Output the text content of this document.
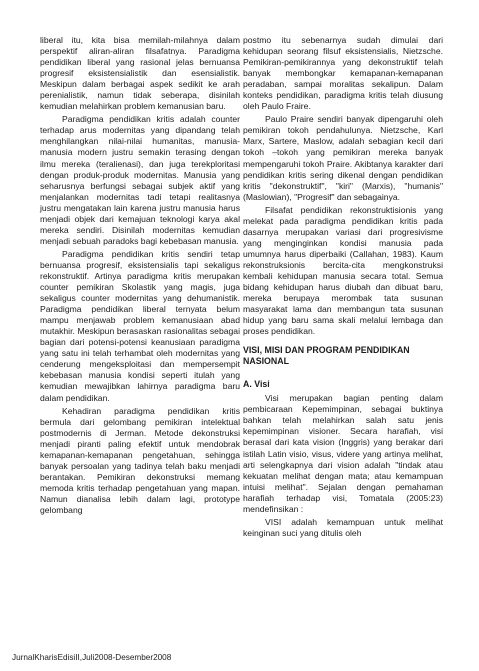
liberal itu, kita bisa memilah-milahnya dalam perspektif aliran-aliran filsafatnya. Paradigma pendidikan liberal yang rasional jelas bernuansa progresif eksistensialistik dan esensialistik. Meskipun dalam berbagai aspek sedikit ke arah perenialistik, namun tidak seberapa, disinilah kemudian melahirkan problem kemanusian baru.

Paradigma pendidikan kritis adalah counter terhadap arus modernitas yang dipandang telah menghilangkan nilai-nilai humanitas, manusia-manusia modern justru semakin terasing dengan ilmu mereka (teralienasi), dan juga terekploritasi dengan produk-produk modernitas. Manusia yang seharusnya berfungsi sebagai subjek aktif yang menjalankan modernitas tadi tetapi realitasnya justru mengatakan lain karena justru manusia harus menjadi objek dari kemajuan teknologi karya akal mereka sendiri. Disinilah modernitas kemudian menjadi sebuah paradoks bagi kebebasan manusia.

Paradigma pendidikan kritis sendiri tetap bernuansa progresif, eksistensialis tapi sekaligus rekonstruktif. Artinya paradigma kritis merupakan counter pemikiran Skolastik yang magis, juga sekaligus counter modernitas yang dehumanistik. Paradigma pendidikan liberal ternyata belum mampu menjawab problem kemanusiaan abad mutakhir. Meskipun berasaskan rasionalitas sebagai bagian dari potensi-potensi keanusiaan paradigma yang satu ini telah terhambat oleh modernitas yang cenderung mengeksploitasi dan mempersempit kebebasan manusia kondisi seperti itulah yang kemudian mewajibkan lahirnya paradigma baru dalam pendidikan.

Kehadiran paradigma pendidikan kritis bermula dari gelombang pemikiran intelektual postmodernis di Jerman. Metode dekonstruksi menjadi piranti paling efektif untuk mendobrak kemapanan-kemapanan pengetahuan, sehingga banyak persoalan yang tadinya telah baku menjadi berantakan. Pemikiran dekonstruksi memang memoda kritis terhadap pengetahuan yang mapan. Namun dianalisa lebih dalam lagi, prototype gelombang

postmo itu sebenarnya sudah dimulai dari kehidupan seorang filsuf eksistensialis, Nietzsche. Pemikiran-pemikirannya yang dekonstruktif telah banyak membongkar kemapanan-kemapanan peradaban, sampai moralitas sekalipun. Dalam konteks pendidikan, paradigma kritis telah diusung oleh Paulo Fraire.

Paulo Praire sendiri banyak dipengaruhi oleh pemikiran tokoh pendahulunya. Nietzsche, Karl Marx, Sartere, Maslow, adalah sebagian kecil dari tokoh –tokoh yang pemikiran mereka banyak mempengaruhi tokoh Praire. Akibtanya karakter dari pendidikan kritis sering dikenal dengan pendidikan kritis "dekonstruktif", "kiri" (Marxis), "humanis" (Maslowian), "Progresif" dan sebagainya.

Filsafat pendidikan rekonstruktisionis yang melekat pada paradigma pendidikan kritis pada dasarnya merupakan variasi dari progresivisme yang menginginkan kondisi manusia pada umumnya harus diperbaiki (Callahan, 1983). Kaum rekonstruksionis bercita-cita mengkonstruksi kembali kehidupan manusia secara total. Semua bidang kehidupan harus diubah dan dibuat baru, mereka berupaya merombak tata susunan masyarakat lama dan membangun tata susunan hidup yang baru sama skali melalui lembaga dan proses pendidikan.

VISI, MISI DAN PROGRAM PENDIDIKAN NASIONAL
A. Visi

Visi merupakan bagian penting dalam pembicaraan Kepemimpinan, sebagai buktinya bahkan telah melahirkan salah satu jenis kepemimpinan visioner. Secara harafiah, visi berasal dari kata vision (Inggris) yang berakar dari istilah Latin visio, visus, videre yang artinya melihat, arti selengkapnya dari vision adalah "tindak atau kekuatan melihat dengan mata; atau kemampuan intuisi melihat". Sejalan dengan pemahaman harafiah terhadap visi, Tomatala (2005:23) mendefinsikan :

VISI adalah kemampuan untuk melihat keinginan suci yang ditulis oleh

JurnalKharisEdisiII,Juli2008-Desember2008
